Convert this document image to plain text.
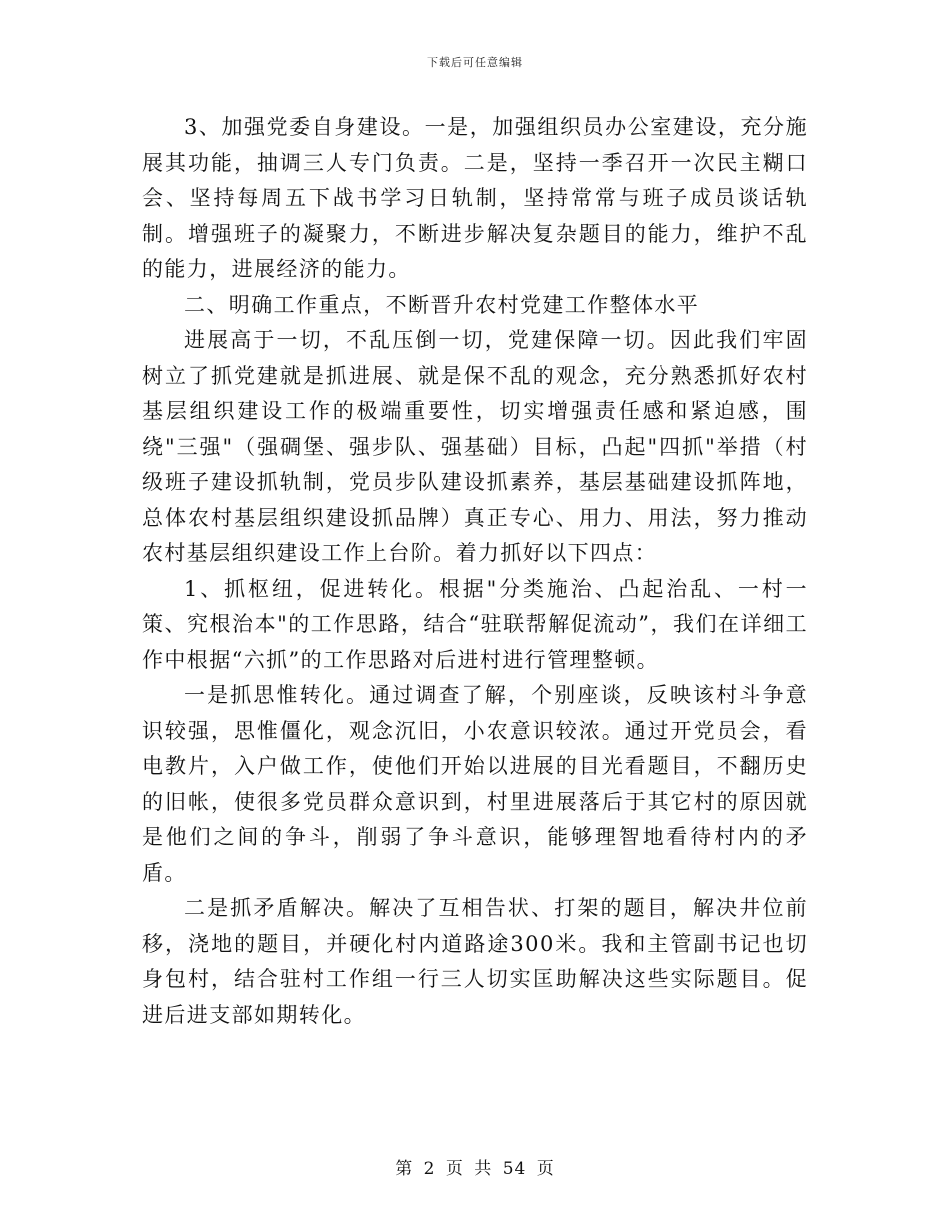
下载后可任意编辑

3、加强党委自身建设。一是，加强组织员办公室建设，充分施展其功能，抽调三人专门负责。二是，坚持一季召开一次民主糊口会、坚持每周五下战书学习日轨制，坚持常常与班子成员谈话轨制。增强班子的凝聚力，不断进步解决复杂题目的能力，维护不乱的能力，进展经济的能力。

二、明确工作重点，不断晋升农村党建工作整体水平

进展高于一切，不乱压倒一切，党建保障一切。因此我们牢固树立了抓党建就是抓进展、就是保不乱的观念，充分熟悉抓好农村基层组织建设工作的极端重要性，切实增强责任感和紧迫感，围绕"三强"（强碉堡、强步队、强基础）目标，凸起"四抓"举措（村级班子建设抓轨制，党员步队建设抓素养，基层基础建设抓阵地，总体农村基层组织建设抓品牌）真正专心、用力、用法，努力推动农村基层组织建设工作上台阶。着力抓好以下四点：

1、抓枢纽，促进转化。根据"分类施治、凸起治乱、一村一策、究根治本"的工作思路，结合“驻联帮解促流动”，我们在详细工作中根据“六抓”的工作思路对后进村进行管理整顿。

一是抓思惟转化。通过调查了解，个别座谈，反映该村斗争意识较强，思惟僵化，观念沉旧，小农意识较浓。通过开党员会，看电教片，入户做工作，使他们开始以进展的目光看题目，不翻历史的旧帐，使很多党员群众意识到，村里进展落后于其它村的原因就是他们之间的争斗，削弱了争斗意识，能够理智地看待村内的矛盾。

二是抓矛盾解决。解决了互相告状、打架的题目，解决井位前移，浇地的题目，并硬化村内道路途300米。我和主管副书记也切身包村，结合驻村工作组一行三人切实匡助解决这些实际题目。促进后进支部如期转化。

第 2 页 共 54 页
